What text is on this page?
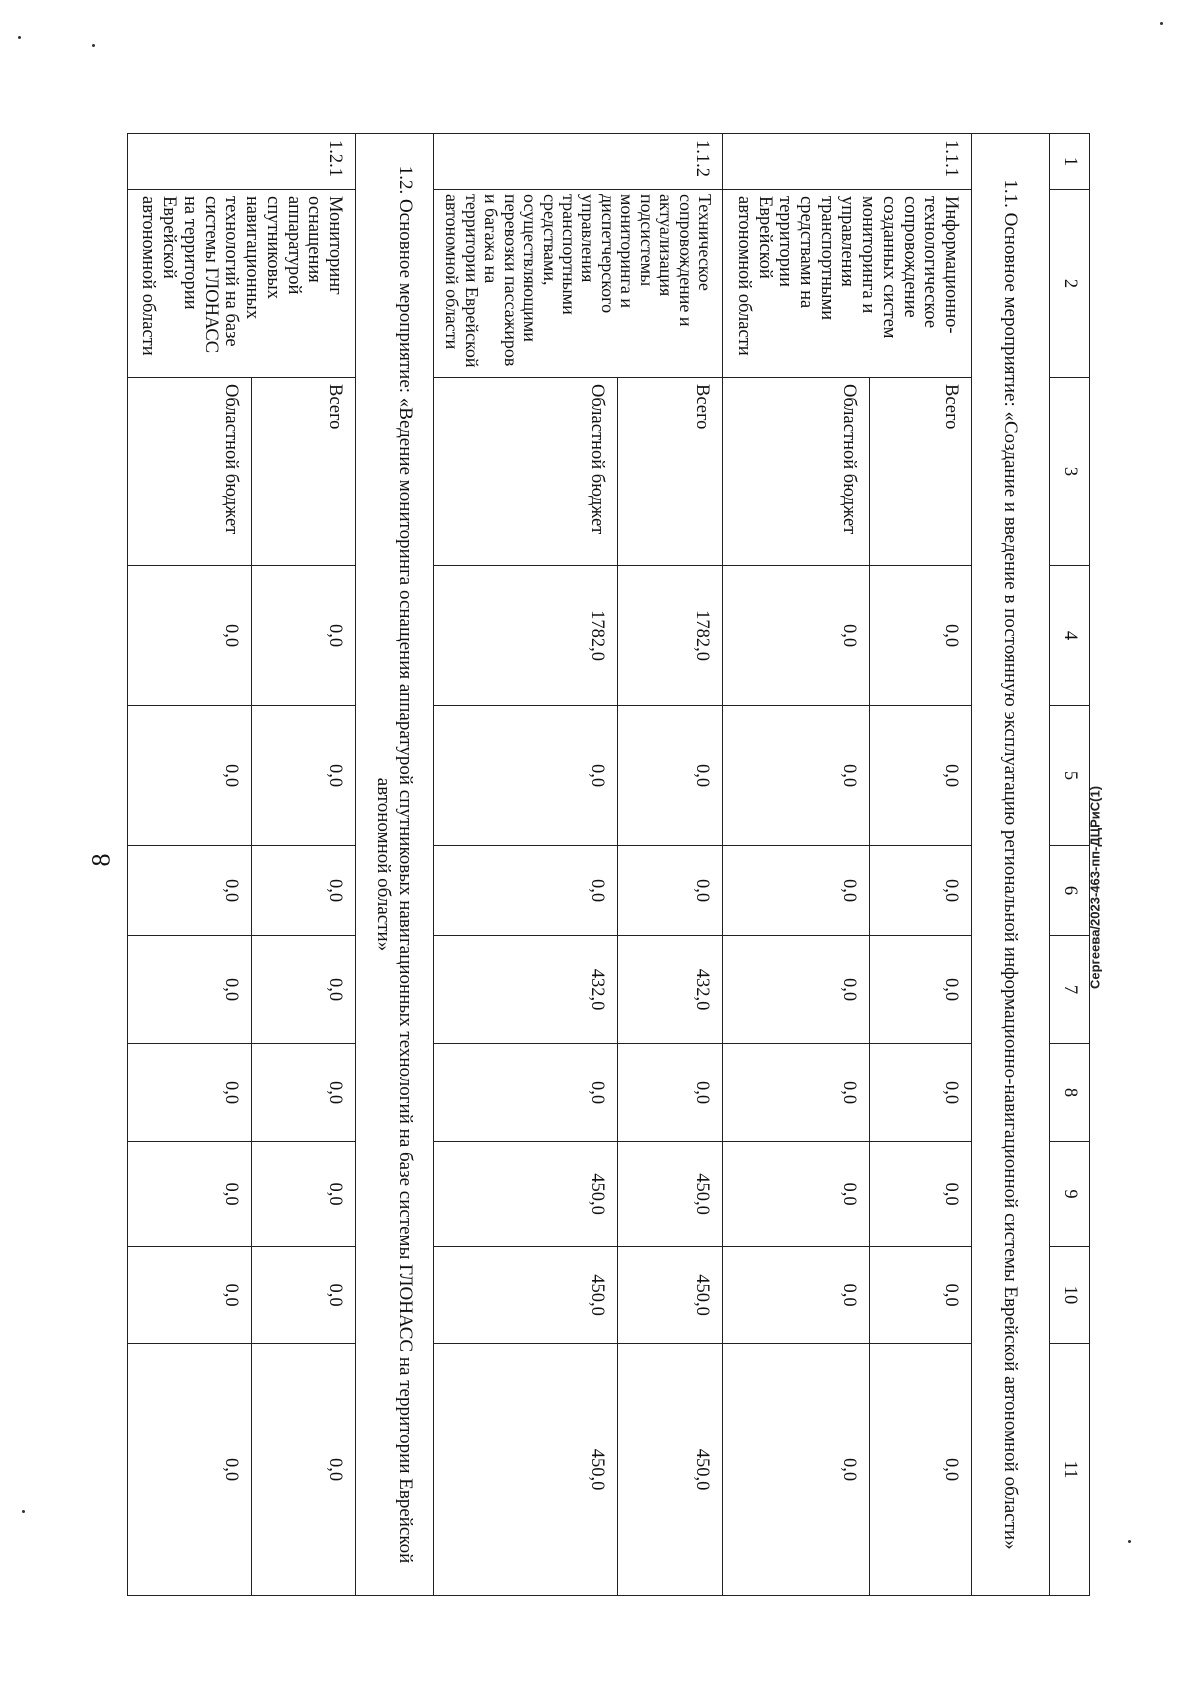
8	Сергеева/2023-463-пп-ДЦРиС(1)
1	2	3	4	5	6	7	8	9	10	11
1.1. Основное мероприятие: «Создание и введение в постоянную эксплуатацию региональной информационно-навигационной системы Еврейской автономной области»										
1.1.1	Информационно-технологическое сопровождение созданных систем мониторинга и управления транспортными средствами на территории Еврейской автономной области	Всего	0,0	0,0	0,0	0,0	0,0	0,0	0,0	0,0
		Областной бюджет	0,0	0,0	0,0	0,0	0,0	0,0	0,0	0,0
1.1.2	Техническое сопровождение и актуализация подсистемы мониторинга и диспетчерского управления транспортными средствами, осуществляющими перевозки пассажиров и багажа на территории Еврейской автономной области	Всего	1782,0	0,0	0,0	432,0	0,0	450,0	450,0	450,0
		Областной бюджет	1782,0	0,0	0,0	432,0	0,0	450,0	450,0	450,0
1.2. Основное мероприятие: «Ведение мониторинга оснащения аппаратурой спутниковых навигационных технологий на базе системы ГЛОНАСС на территории Еврейской автономной области»										
1.2.1	Мониторинг оснащения аппаратурой спутниковых навигационных технологий на базе системы ГЛОНАСС на территории Еврейской автономной области	Всего	0,0	0,0	0,0	0,0	0,0	0,0	0,0	0,0
		Областной бюджет	0,0	0,0	0,0	0,0	0,0	0,0	0,0	0,0
